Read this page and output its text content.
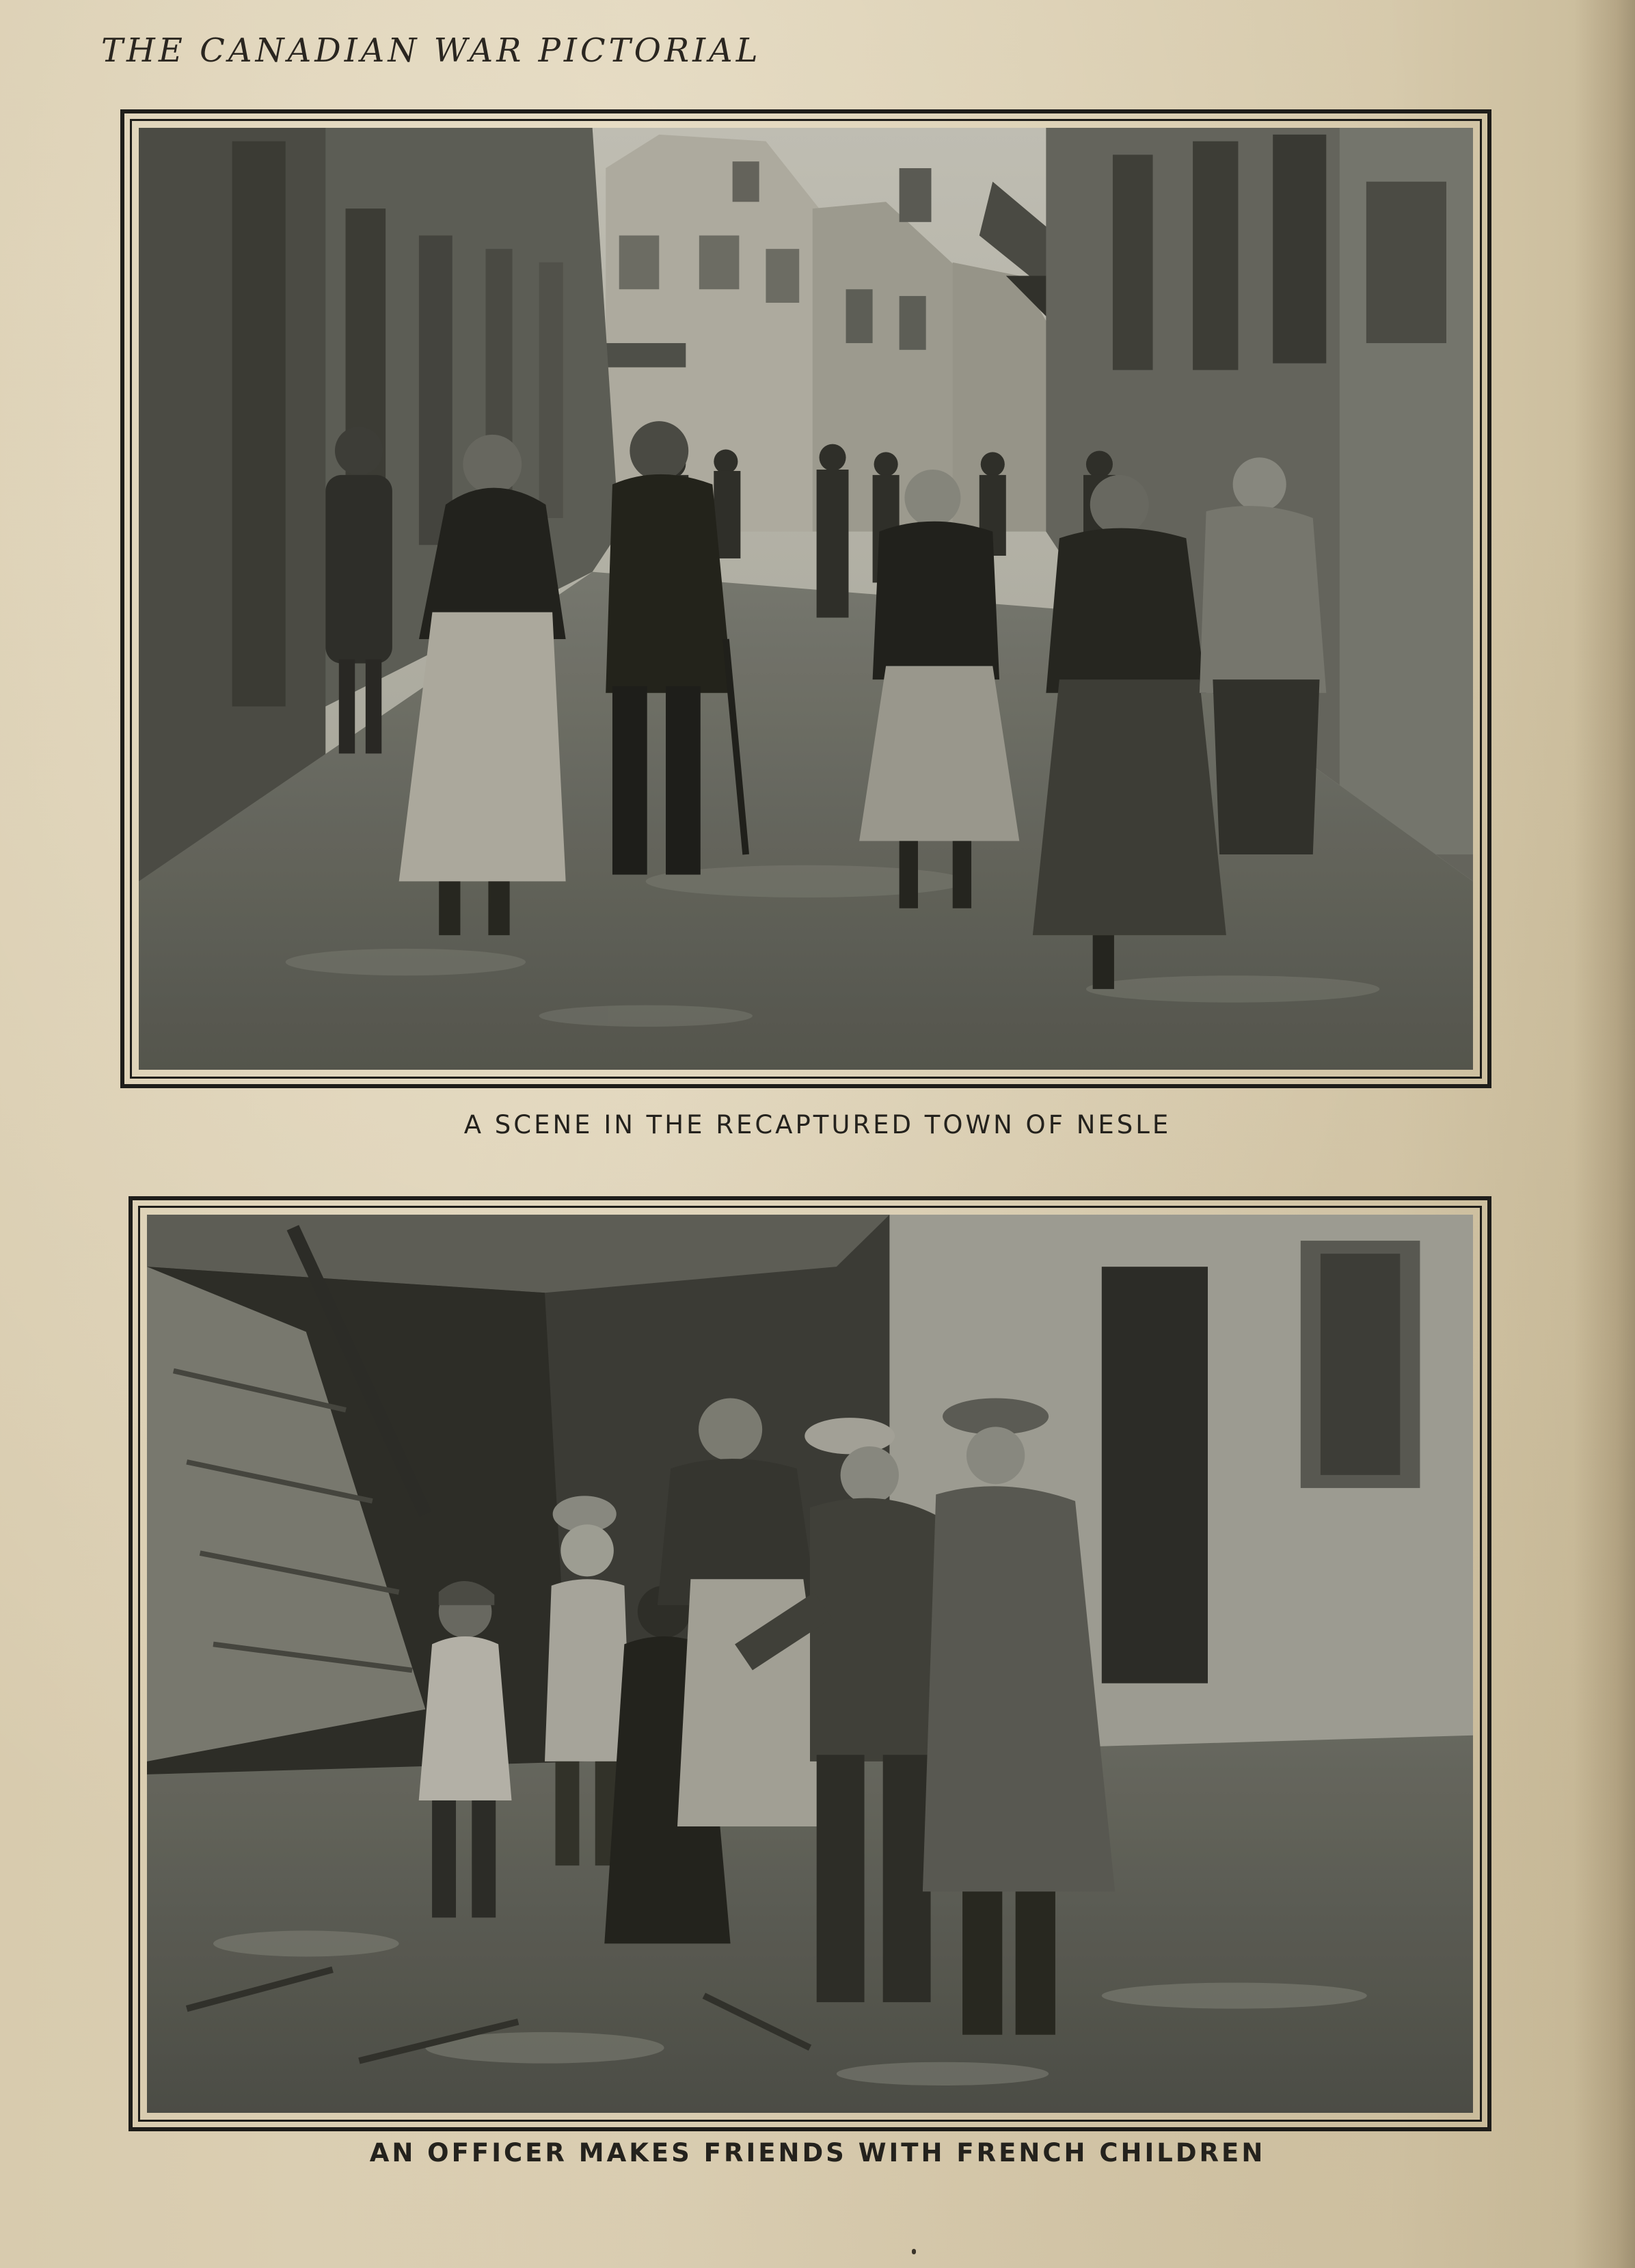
THE CANADIAN WAR PICTORIAL
A SCENE IN THE RECAPTURED TOWN OF NESLE
AN OFFICER MAKES FRIENDS WITH FRENCH CHILDREN
